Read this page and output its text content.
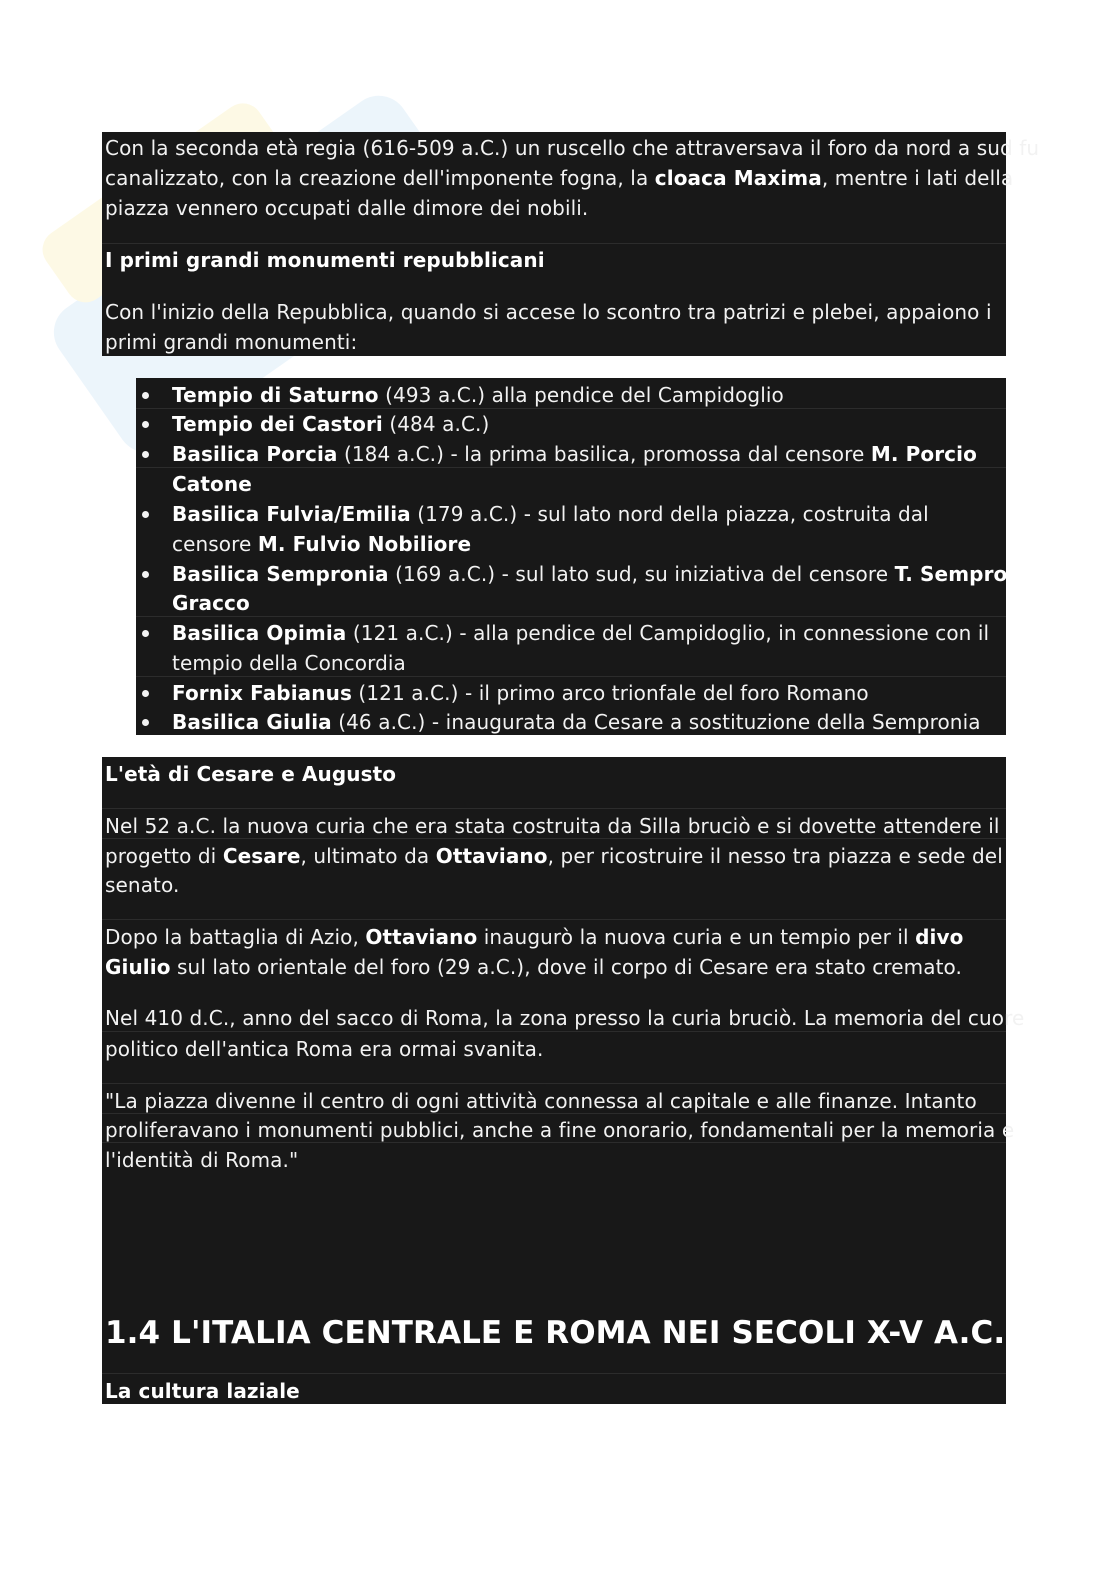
Con la seconda età regia (616-509 a.C.) un ruscello che attraversava il foro da nord a sud fu
canalizzato, con la creazione dell'imponente fogna, la cloaca Maxima, mentre i lati della
piazza vennero occupati dalle dimore dei nobili.
I primi grandi monumenti repubblicani
Con l'inizio della Repubblica, quando si accese lo scontro tra patrizi e plebei, appaiono i
primi grandi monumenti:
Tempio di Saturno (493 a.C.) alla pendice del Campidoglio
Tempio dei Castori (484 a.C.)
Basilica Porcia (184 a.C.) - la prima basilica, promossa dal censore M. Porcio
Catone
Basilica Fulvia/Emilia (179 a.C.) - sul lato nord della piazza, costruita dal
censore M. Fulvio Nobiliore
Basilica Sempronia (169 a.C.) - sul lato sud, su iniziativa del censore T. Sempronio
Gracco
Basilica Opimia (121 a.C.) - alla pendice del Campidoglio, in connessione con il
tempio della Concordia
Fornix Fabianus (121 a.C.) - il primo arco trionfale del foro Romano
Basilica Giulia (46 a.C.) - inaugurata da Cesare a sostituzione della Sempronia
L'età di Cesare e Augusto
Nel 52 a.C. la nuova curia che era stata costruita da Silla bruciò e si dovette attendere il
progetto di Cesare, ultimato da Ottaviano, per ricostruire il nesso tra piazza e sede del
senato.
Dopo la battaglia di Azio, Ottaviano inaugurò la nuova curia e un tempio per il divo
Giulio sul lato orientale del foro (29 a.C.), dove il corpo di Cesare era stato cremato.
Nel 410 d.C., anno del sacco di Roma, la zona presso la curia bruciò. La memoria del cuore
politico dell'antica Roma era ormai svanita.
"La piazza divenne il centro di ogni attività connessa al capitale e alle finanze. Intanto
proliferavano i monumenti pubblici, anche a fine onorario, fondamentali per la memoria e
l'identità di Roma."
1.4 L'ITALIA CENTRALE E ROMA NEI SECOLI X-V A.C.
La cultura laziale
